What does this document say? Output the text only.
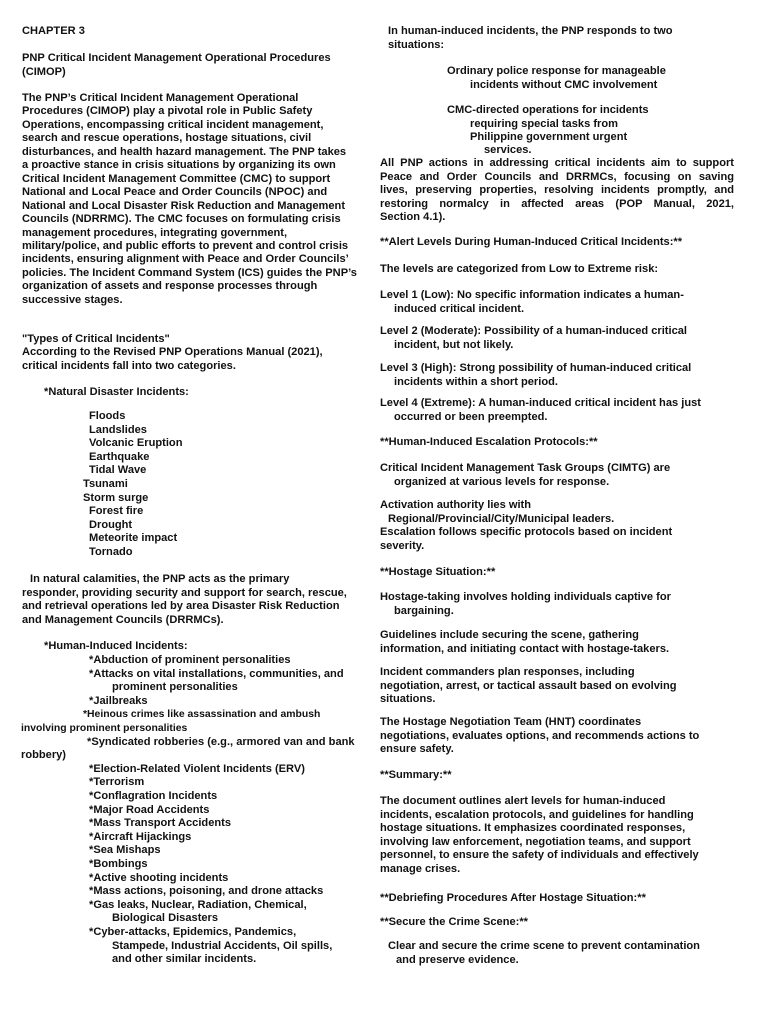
CHAPTER 3
PNP Critical Incident Management Operational Procedures
(CIMOP)
The PNP’s Critical Incident Management Operational
Procedures (CIMOP) play a pivotal role in Public Safety
Operations, encompassing critical incident management,
search and rescue operations, hostage situations, civil
disturbances, and health hazard management. The PNP takes
a proactive stance in crisis situations by organizing its own
Critical Incident Management Committee (CMC) to support
National and Local Peace and Order Councils (NPOC) and
National and Local Disaster Risk Reduction and Management
Councils (NDRRMC). The CMC focuses on formulating crisis
management procedures, integrating government,
military/police, and public efforts to prevent and control crisis
incidents, ensuring alignment with Peace and Order Councils’
policies. The Incident Command System (ICS) guides the PNP’s
organization of assets and response processes through
successive stages.
"Types of Critical Incidents"
According to the Revised PNP Operations Manual (2021),
critical incidents fall into two categories.
*Natural Disaster Incidents:
Floods
Landslides
Volcanic Eruption
Earthquake
Tidal Wave
Tsunami
Storm surge
Forest fire
Drought
Meteorite impact
Tornado
In natural calamities, the PNP acts as the primary
responder, providing security and support for search, rescue,
and retrieval operations led by area Disaster Risk Reduction
and Management Councils (DRRMCs).
*Human-Induced Incidents:
*Abduction of prominent personalities
*Attacks on vital installations, communities, and
prominent personalities
*Jailbreaks
*Heinous crimes like assassination and ambush
involving prominent personalities
*Syndicated robberies (e.g., armored van and bank
robbery)
*Election-Related Violent Incidents (ERV)
*Terrorism
*Conflagration Incidents
*Major Road Accidents
*Mass Transport Accidents
*Aircraft Hijackings
*Sea Mishaps
*Bombings
*Active shooting incidents
*Mass actions, poisoning, and drone attacks
*Gas leaks, Nuclear, Radiation, Chemical,
Biological Disasters
*Cyber-attacks, Epidemics, Pandemics,
Stampede, Industrial Accidents, Oil spills,
and other similar incidents.
In human-induced incidents, the PNP responds to two
situations:
Ordinary police response for manageable
incidents without CMC involvement
CMC-directed operations for incidents
requiring special tasks from
Philippine government urgent
services.
All PNP actions in addressing critical incidents aim to support
Peace and Order Councils and DRRMCs, focusing on saving
lives, preserving properties, resolving incidents promptly, and
restoring normalcy in affected areas (POP Manual, 2021,
Section 4.1).
**Alert Levels During Human-Induced Critical Incidents:**
The levels are categorized from Low to Extreme risk:

Level 1 (Low): No specific information indicates a human-induced critical incident.

Level 2 (Moderate): Possibility of a human-induced critical incident, but not likely.

Level 3 (High): Strong possibility of human-induced critical incidents within a short period.

Level 4 (Extreme): A human-induced critical incident has just occurred or been preempted.

**Human-Induced Escalation Protocols:**

Critical Incident Management Task Groups (CIMTG) are organized at various levels for response.

Activation authority lies with
Regional/Provincial/City/Municipal leaders.
Escalation follows specific protocols based on incident
severity.
**Hostage Situation:**

Hostage-taking involves holding individuals captive for bargaining.

Guidelines include securing the scene, gathering
information, and initiating contact with hostage-takers.
Incident commanders plan responses, including
negotiation, arrest, or tactical assault based on evolving
situations.
The Hostage Negotiation Team (HNT) coordinates
negotiations, evaluates options, and recommends actions to
ensure safety.
**Summary:**
The document outlines alert levels for human-induced
incidents, escalation protocols, and guidelines for handling
hostage situations. It emphasizes coordinated responses,
involving law enforcement, negotiation teams, and support
personnel, to ensure the safety of individuals and effectively
manage crises.
**Debriefing Procedures After Hostage Situation:**
**Secure the Crime Scene:**
Clear and secure the crime scene to prevent contamination
and preserve evidence.
